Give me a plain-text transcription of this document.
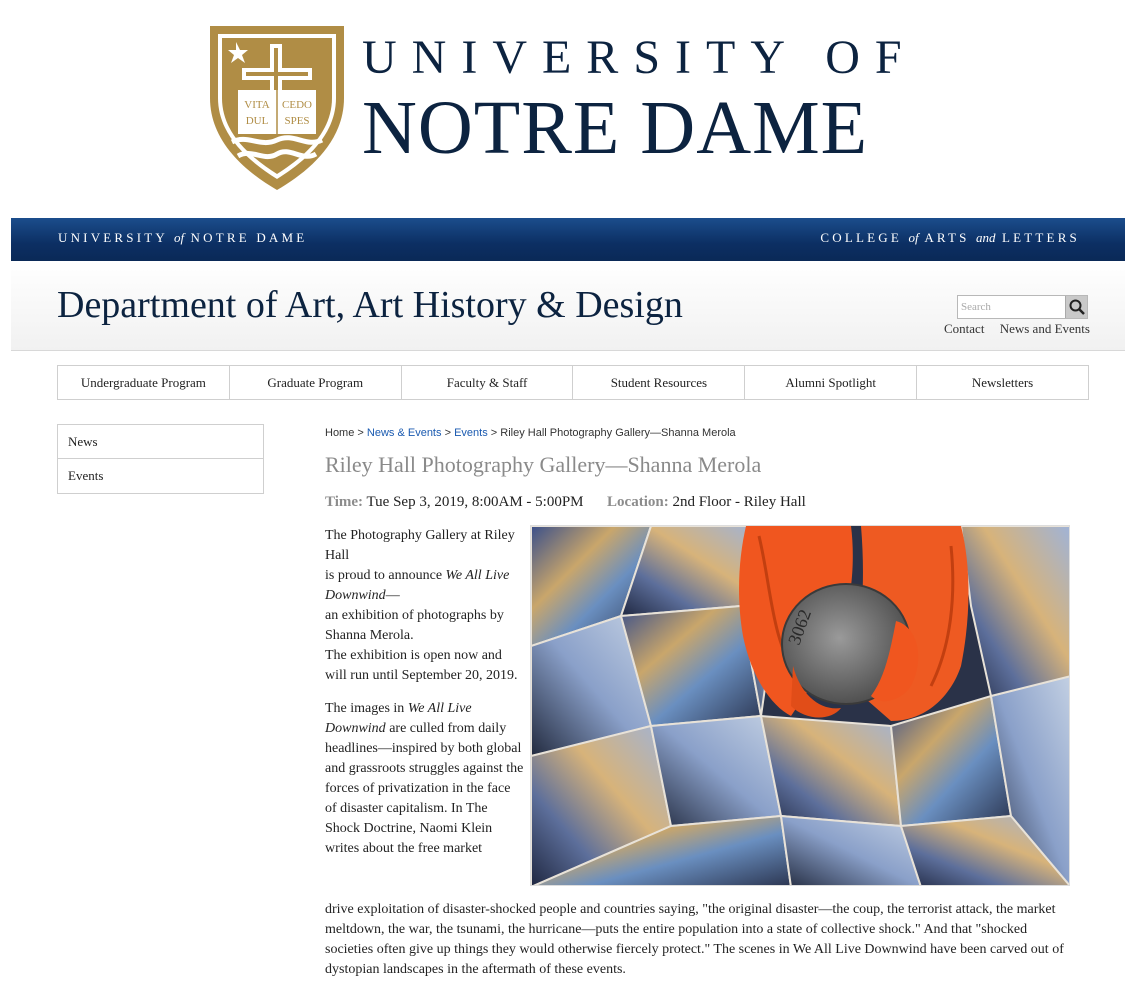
VITA CEDO
DUL SPES
UNIVERSITY OF
NOTRE DAME
UNIVERSITY of NOTRE DAME	COLLEGE of ARTS and LETTERS
Department of Art, Art History & Design
Search
Contact News and Events
Undergraduate Program	Graduate Program	Faculty & Staff	Student Resources	Alumni Spotlight	Newsletters
News
Events
Home > News & Events > Events > Riley Hall Photography Gallery—Shanna Merola
Riley Hall Photography Gallery—Shanna Merola
Time: Tue Sep 3, 2019, 8:00AM - 5:00PM Location: 2nd Floor - Riley Hall

The Photography Gallery at Riley Hall
is proud to announce We All Live Downwind—
an exhibition of photographs by Shanna Merola.
The exhibition is open now and will run until September 20, 2019.

The images in We All Live Downwind are culled from daily headlines—inspired by both global and grassroots struggles against the forces of privatization in the face of disaster capitalism. In The Shock Doctrine, Naomi Klein writes about the free market

drive exploitation of disaster-shocked people and countries saying, "the original disaster—the coup, the terrorist attack, the market meltdown, the war, the tsunami, the hurricane—puts the entire population into a state of collective shock." And that "shocked societies often give up things they would otherwise fiercely protect." The scenes in We All Live Downwind have been carved out of dystopian landscapes in the aftermath of these events.
3062
